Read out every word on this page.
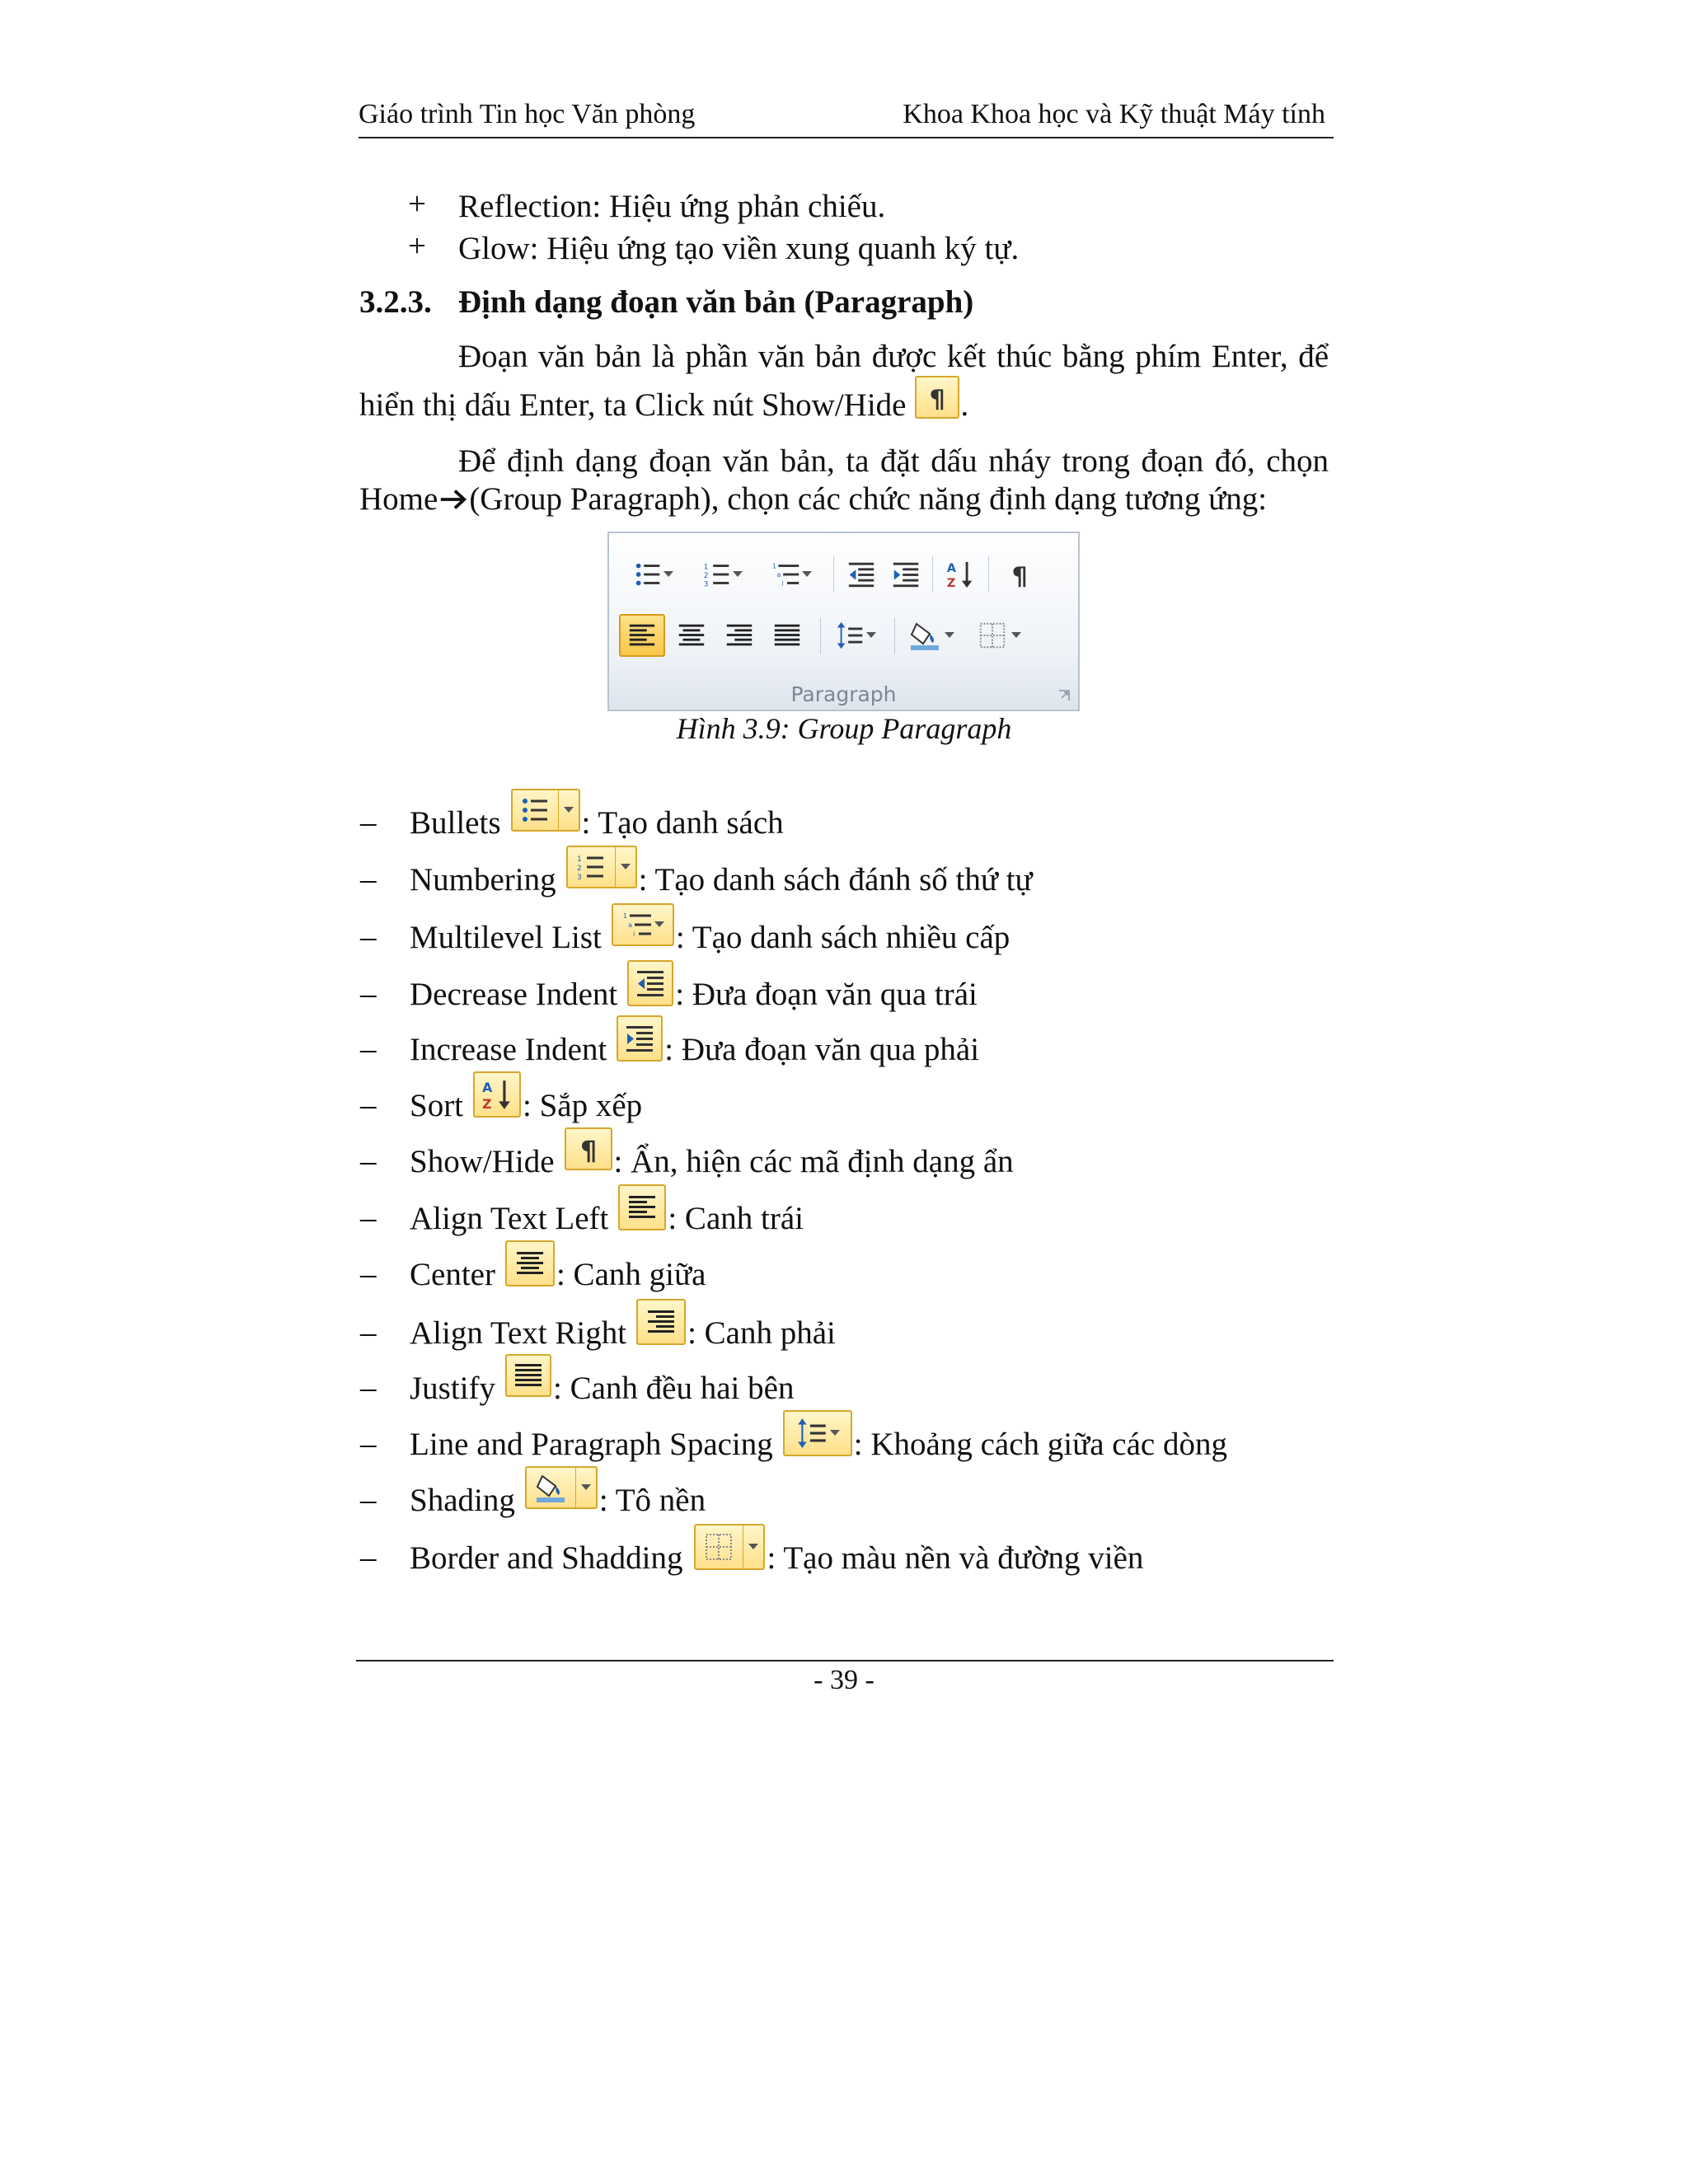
Giáo trình Tin học Văn phòng	Khoa Khoa học và Kỹ thuật Máy tính
+ Reflection: Hiệu ứng phản chiếu.
+ Glow: Hiệu ứng tạo viền xung quanh ký tự.
3.2.3. Định dạng đoạn văn bản (Paragraph)
Đoạn văn bản là phần văn bản được kết thúc bằng phím Enter, để
hiển thị dấu Enter, ta Click nút Show/Hide .
Để định dạng đoạn văn bản, ta đặt dấu nháy trong đoạn đó, chọn
Home (Group Paragraph), chọn các chức năng định dạng tương ứng:
Paragraph
Hình 3.9: Group Paragraph
– Bullets	: Tạo danh sách
– Numbering	: Tạo danh sách đánh số thứ tự
– Multilevel List : Tạo danh sách nhiều cấp
– Decrease Indent : Đưa đoạn văn qua trái
– Increase Indent : Đưa đoạn văn qua phải
– Sort : Sắp xếp
– Show/Hide : Ẩn, hiện các mã định dạng ẩn
– Align Text Left : Canh trái
– Center : Canh giữa
– Align Text Right : Canh phải
– Justify : Canh đều hai bên
– Line and Paragraph Spacing	: Khoảng cách giữa các dòng
– Shading	: Tô nền
– Border and Shadding	: Tạo màu nền và đường viền
- 39 -
